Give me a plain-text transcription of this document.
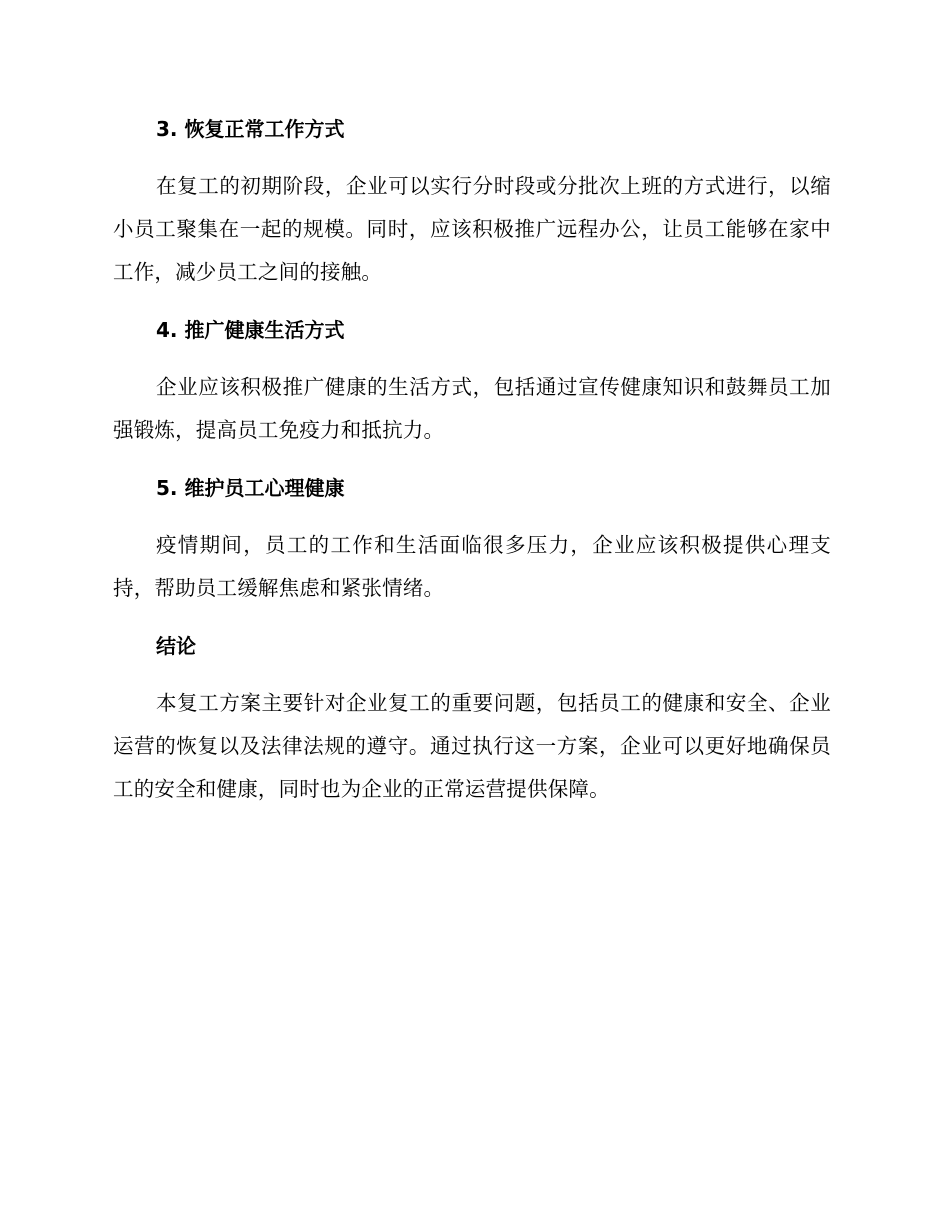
3. 恢复正常工作方式

在复工的初期阶段，企业可以实行分时段或分批次上班的方式进行，以缩小员工聚集在一起的规模。同时，应该积极推广远程办公，让员工能够在家中工作，减少员工之间的接触。

4. 推广健康生活方式

企业应该积极推广健康的生活方式，包括通过宣传健康知识和鼓舞员工加强锻炼，提高员工免疫力和抵抗力。

5. 维护员工心理健康

疫情期间，员工的工作和生活面临很多压力，企业应该积极提供心理支持，帮助员工缓解焦虑和紧张情绪。

结论

本复工方案主要针对企业复工的重要问题，包括员工的健康和安全、企业运营的恢复以及法律法规的遵守。通过执行这一方案，企业可以更好地确保员工的安全和健康，同时也为企业的正常运营提供保障。
